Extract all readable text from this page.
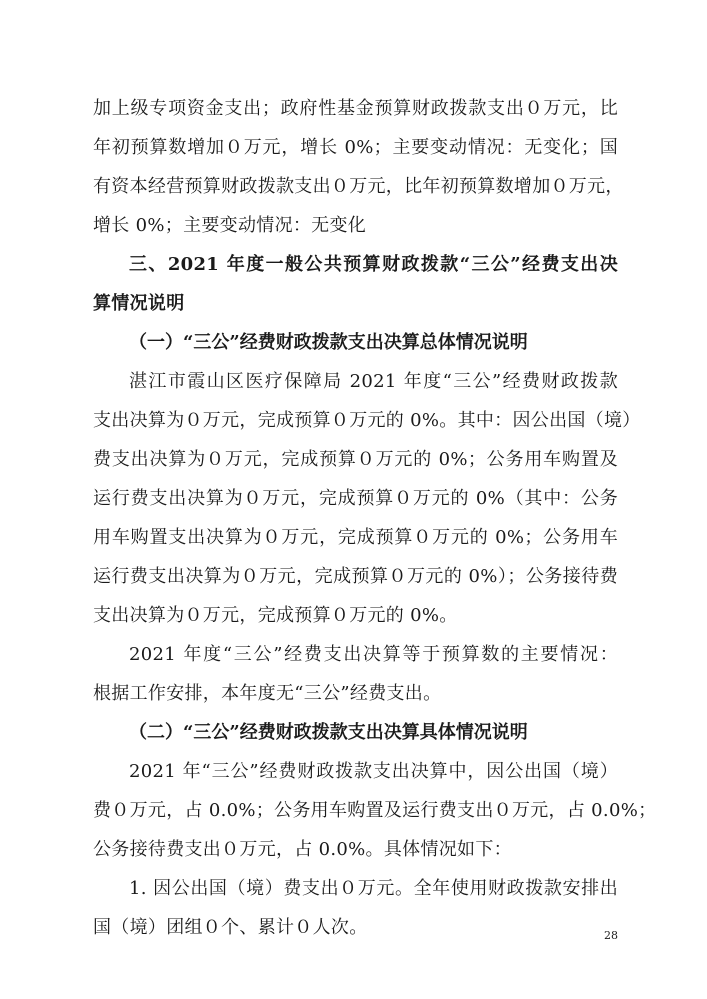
加上级专项资金支出；政府性基金预算财政拨款支出０万元，比
年初预算数增加０万元，增长 0%；主要变动情况：无变化；国
有资本经营预算财政拨款支出０万元，比年初预算数增加０万元，
增长 0%；主要变动情况：无变化
三、2021 年度一般公共预算财政拨款“三公”经费支出决
算情况说明
（一）“三公”经费财政拨款支出决算总体情况说明
湛江市霞山区医疗保障局 2021 年度“三公”经费财政拨款
支出决算为０万元，完成预算０万元的 0%。其中：因公出国（境）
费支出决算为０万元，完成预算０万元的 0%；公务用车购置及
运行费支出决算为０万元，完成预算０万元的 0%（其中：公务
用车购置支出决算为０万元，完成预算０万元的 0%；公务用车
运行费支出决算为０万元，完成预算０万元的 0%）；公务接待费
支出决算为０万元，完成预算０万元的 0%。
2021 年度“三公”经费支出决算等于预算数的主要情况：
根据工作安排，本年度无“三公”经费支出。
（二）“三公”经费财政拨款支出决算具体情况说明
2021 年“三公”经费财政拨款支出决算中，因公出国（境）
费０万元，占 0.0%；公务用车购置及运行费支出０万元，占 0.0%；
公务接待费支出０万元，占 0.0%。具体情况如下：
1. 因公出国（境）费支出０万元。全年使用财政拨款安排出
国（境）团组０个、累计０人次。	28
